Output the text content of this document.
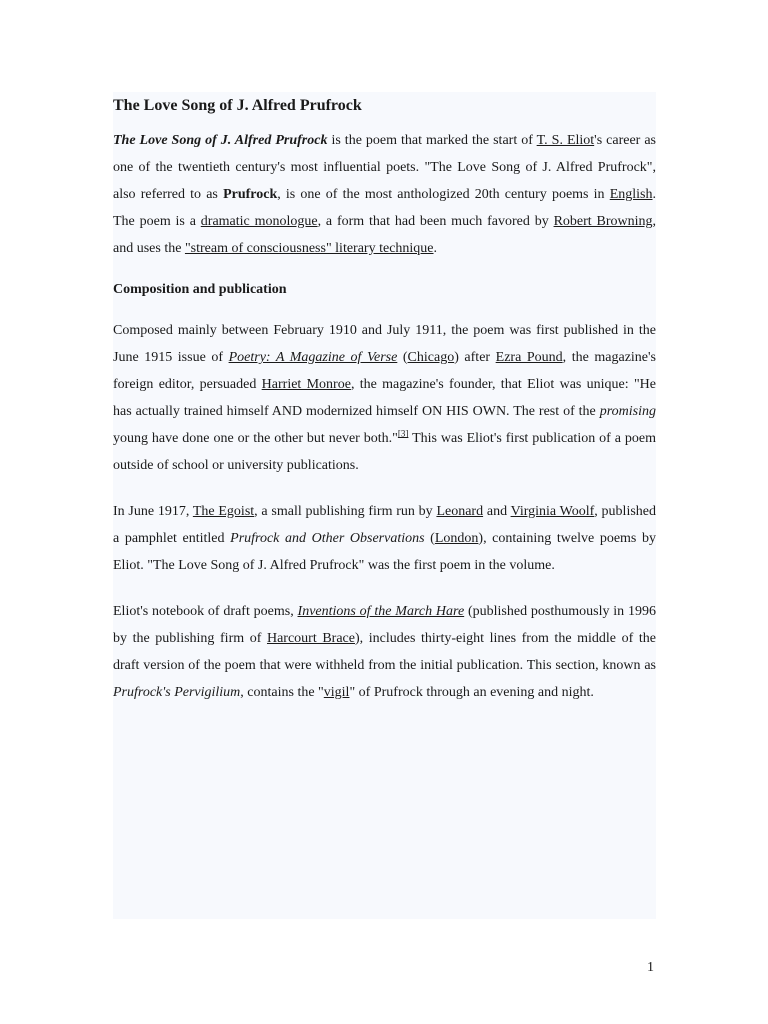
The Love Song of J. Alfred Prufrock

The Love Song of J. Alfred Prufrock is the poem that marked the start of T. S. Eliot's career as one of the twentieth century's most influential poets. "The Love Song of J. Alfred Prufrock", also referred to as Prufrock, is one of the most anthologized 20th century poems in English. The poem is a dramatic monologue, a form that had been much favored by Robert Browning, and uses the "stream of consciousness" literary technique.

Composition and publication

Composed mainly between February 1910 and July 1911, the poem was first published in the June 1915 issue of Poetry: A Magazine of Verse (Chicago) after Ezra Pound, the magazine's foreign editor, persuaded Harriet Monroe, the magazine's founder, that Eliot was unique: "He has actually trained himself AND modernized himself ON HIS OWN. The rest of the promising young have done one or the other but never both."[3] This was Eliot's first publication of a poem outside of school or university publications.

In June 1917, The Egoist, a small publishing firm run by Leonard and Virginia Woolf, published a pamphlet entitled Prufrock and Other Observations (London), containing twelve poems by Eliot. "The Love Song of J. Alfred Prufrock" was the first poem in the volume.

Eliot's notebook of draft poems, Inventions of the March Hare (published posthumously in 1996 by the publishing firm of Harcourt Brace), includes thirty-eight lines from the middle of the draft version of the poem that were withheld from the initial publication. This section, known as Prufrock's Pervigilium, contains the "vigil" of Prufrock through an evening and night.

1
